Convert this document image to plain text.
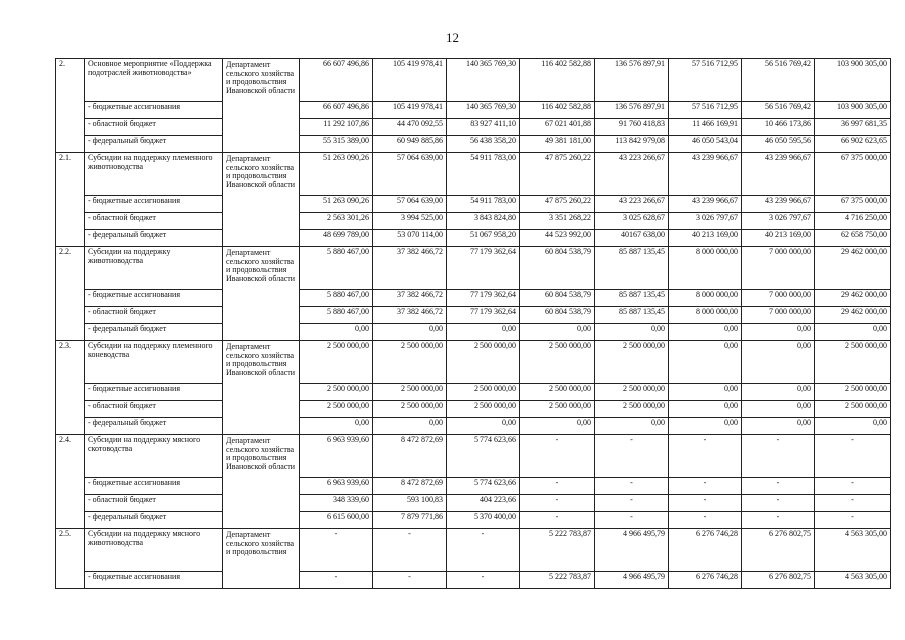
12
2.	Основное мероприятие «Поддержка подотраслей животноводства»	Департамент сельского хозяйства и продовольствия Ивановской области	66 607 496,86	105 419 978,41	140 365 769,30	116 402 582,88	136 576 897,91	57 516 712,95	56 516 769,42	103 900 305,00
	- бюджетные ассигнования		66 607 496,86	105 419 978,41	140 365 769,30	116 402 582,88	136 576 897,91	57 516 712,95	56 516 769,42	103 900 305,00
	- областной бюджет		11 292 107,86	44 470 092,55	83 927 411,10	67 021 401,88	91 760 418,83	11 466 169,91	10 466 173,86	36 997 681,35
	- федеральный бюджет		55 315 389,00	60 949 885,86	56 438 358,20	49 381 181,00	113 842 979,08	46 050 543,04	46 050 595,56	66 902 623,65
2.1.	Субсидии на поддержку племенного животноводства	Департамент сельского хозяйства и продовольствия Ивановской области	51 263 090,26	57 064 639,00	54 911 783,00	47 875 260,22	43 223 266,67	43 239 966,67	43 239 966,67	67 375 000,00
	- бюджетные ассигнования		51 263 090,26	57 064 639,00	54 911 783,00	47 875 260,22	43 223 266,67	43 239 966,67	43 239 966,67	67 375 000,00
	- областной бюджет		2 563 301,26	3 994 525,00	3 843 824,80	3 351 268,22	3 025 628,67	3 026 797,67	3 026 797,67	4 716 250,00
	- федеральный бюджет		48 699 789,00	53 070 114,00	51 067 958,20	44 523 992,00	40167 638,00	40 213 169,00	40 213 169,00	62 658 750,00
2.2.	Субсидии на поддержку животноводства	Департамент сельского хозяйства и продовольствия Ивановской области	5 880 467,00	37 382 466,72	77 179 362,64	60 804 538,79	85 887 135,45	8 000 000,00	7 000 000,00	29 462 000,00
	- бюджетные ассигнования		5 880 467,00	37 382 466,72	77 179 362,64	60 804 538,79	85 887 135,45	8 000 000,00	7 000 000,00	29 462 000,00
	- областной бюджет		5 880 467,00	37 382 466,72	77 179 362,64	60 804 538,79	85 887 135,45	8 000 000,00	7 000 000,00	29 462 000,00
	- федеральный бюджет		0,00	0,00	0,00	0,00	0,00	0,00	0,00	0,00
2.3.	Субсидии на поддержку племенного коневодства	Департамент сельского хозяйства и продовольствия Ивановской области	2 500 000,00	2 500 000,00	2 500 000,00	2 500 000,00	2 500 000,00	0,00	0,00	2 500 000,00
	- бюджетные ассигнования		2 500 000,00	2 500 000,00	2 500 000,00	2 500 000,00	2 500 000,00	0,00	0,00	2 500 000,00
	- областной бюджет		2 500 000,00	2 500 000,00	2 500 000,00	2 500 000,00	2 500 000,00	0,00	0,00	2 500 000,00
	- федеральный бюджет		0,00	0,00	0,00	0,00	0,00	0,00	0,00	0,00
2.4.	Субсидии на поддержку мясного скотоводства	Департамент сельского хозяйства и продовольствия Ивановской области	6 963 939,60	8 472 872,69	5 774 623,66	-	-	-	-	-
	- бюджетные ассигнования		6 963 939,60	8 472 872,69	5 774 623,66	-	-	-	-	-
	- областной бюджет		348 339,60	593 100,83	404 223,66	-	-	-	-	-
	- федеральный бюджет		6 615 600,00	7 879 771,86	5 370 400,00	-	-	-	-	-
2.5.	Субсидии на поддержку мясного животноводства	Департамент сельского хозяйства и продовольствия	-	-	-	5 222 783,87	4 966 495,79	6 276 746,28	6 276 802,75	4 563 305,00
	- бюджетные ассигнования		-	-	-	5 222 783,87	4 966 495,79	6 276 746,28	6 276 802,75	4 563 305,00
